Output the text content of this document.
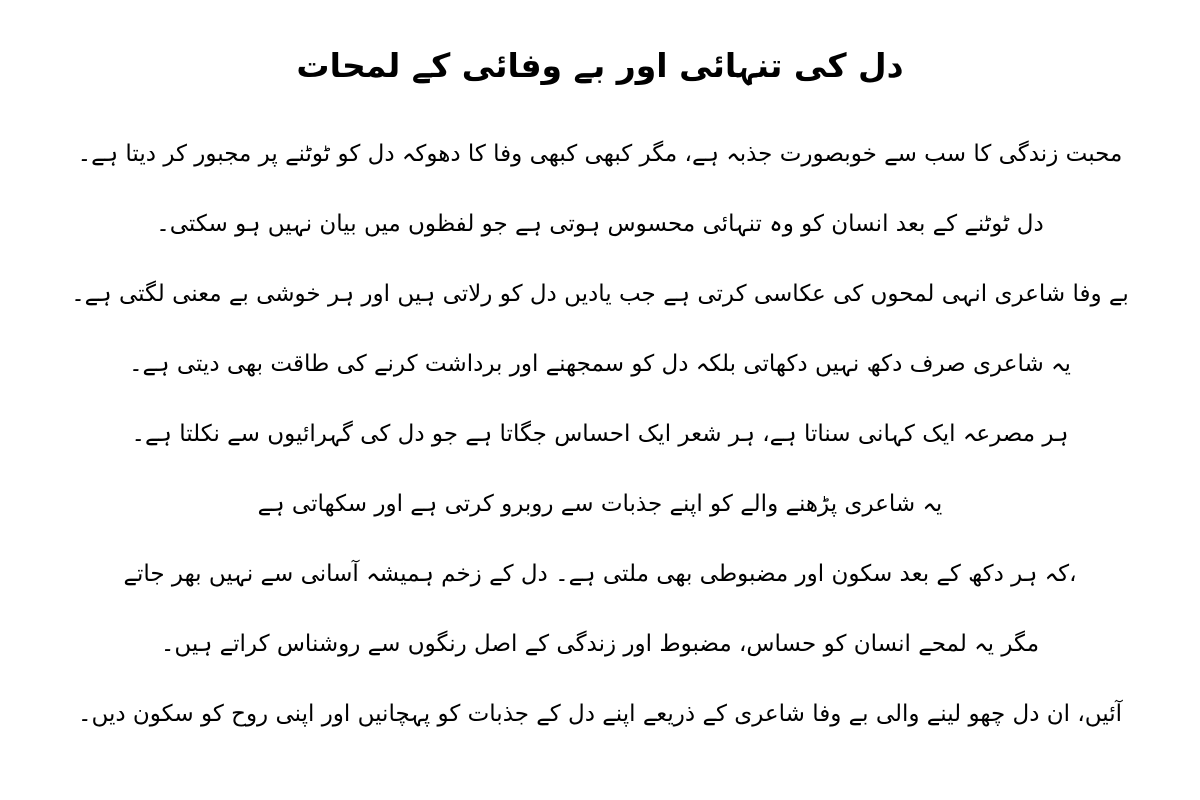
دل کی تنہائی اور بے وفائی کے لمحات

محبت زندگی کا سب سے خوبصورت جذبہ ہے، مگر کبھی کبھی وفا کا دھوکہ دل کو ٹوٹنے پر مجبور کر دیتا ہے۔

دل ٹوٹنے کے بعد انسان کو وہ تنہائی محسوس ہوتی ہے جو لفظوں میں بیان نہیں ہو سکتی۔

بے وفا شاعری انہی لمحوں کی عکاسی کرتی ہے جب یادیں دل کو رلاتی ہیں اور ہر خوشی بے معنی لگتی ہے۔

یہ شاعری صرف دکھ نہیں دکھاتی بلکہ دل کو سمجھنے اور برداشت کرنے کی طاقت بھی دیتی ہے۔

ہر مصرعہ ایک کہانی سناتا ہے، ہر شعر ایک احساس جگاتا ہے جو دل کی گہرائیوں سے نکلتا ہے۔

یہ شاعری پڑھنے والے کو اپنے جذبات سے روبرو کرتی ہے اور سکھاتی ہے

،کہ ہر دکھ کے بعد سکون اور مضبوطی بھی ملتی ہے۔ دل کے زخم ہمیشہ آسانی سے نہیں بھر جاتے

مگر یہ لمحے انسان کو حساس، مضبوط اور زندگی کے اصل رنگوں سے روشناس کراتے ہیں۔

آئیں، ان دل چھو لینے والی بے وفا شاعری کے ذریعے اپنے دل کے جذبات کو پہچانیں اور اپنی روح کو سکون دیں۔
